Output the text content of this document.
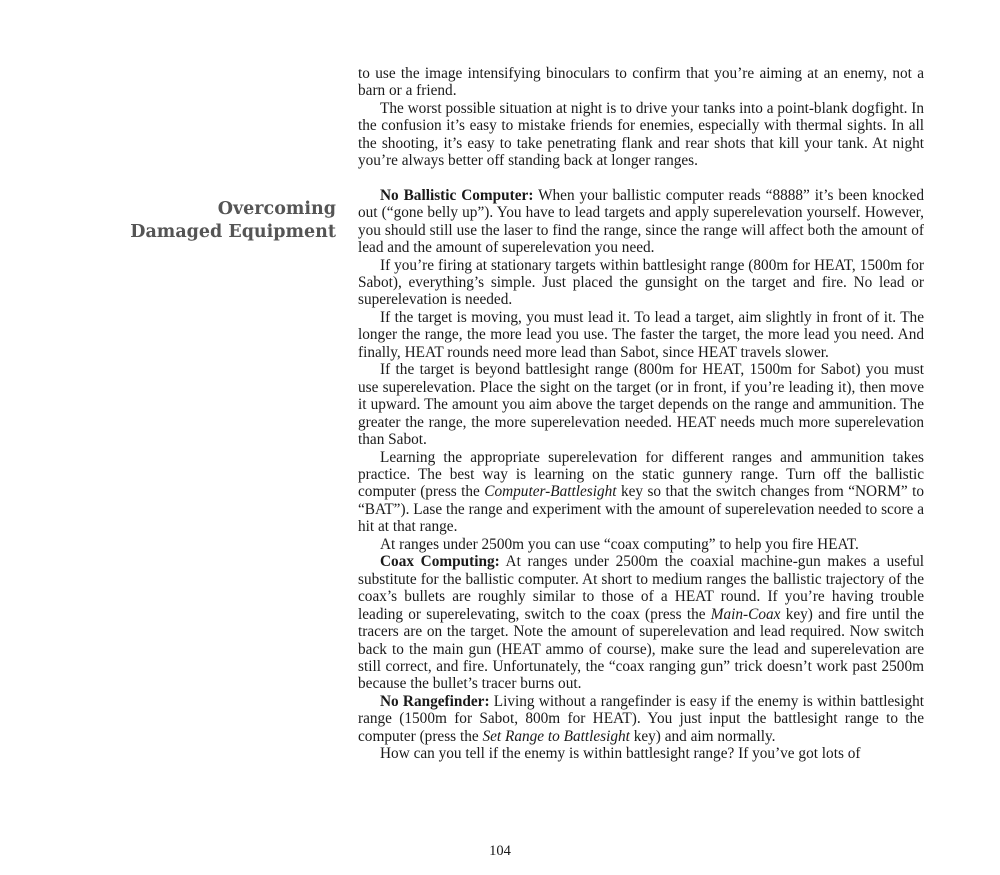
Overcoming
Damaged Equipment

to use the image intensifying binoculars to confirm that you’re aiming at an enemy, not a barn or a friend.

The worst possible situation at night is to drive your tanks into a point-blank dogfight. In the confusion it’s easy to mistake friends for enemies, especially with thermal sights. In all the shooting, it’s easy to take penetrating flank and rear shots that kill your tank. At night you’re always better off standing back at longer ranges.

No Ballistic Computer: When your ballistic computer reads “8888” it’s been knocked out (“gone belly up”). You have to lead targets and apply superelevation yourself. However, you should still use the laser to find the range, since the range will affect both the amount of lead and the amount of superelevation you need.

If you’re firing at stationary targets within battlesight range (800m for HEAT, 1500m for Sabot), everything’s simple. Just placed the gunsight on the target and fire. No lead or superelevation is needed.

If the target is moving, you must lead it. To lead a target, aim slightly in front of it. The longer the range, the more lead you use. The faster the target, the more lead you need. And finally, HEAT rounds need more lead than Sabot, since HEAT travels slower.

If the target is beyond battlesight range (800m for HEAT, 1500m for Sabot) you must use superelevation. Place the sight on the target (or in front, if you’re leading it), then move it upward. The amount you aim above the target depends on the range and ammunition. The greater the range, the more superelevation needed. HEAT needs much more superelevation than Sabot.

Learning the appropriate superelevation for different ranges and ammunition takes practice. The best way is learning on the static gunnery range. Turn off the ballistic computer (press the Computer-Battlesight key so that the switch changes from “NORM” to “BAT”). Lase the range and experiment with the amount of superelevation needed to score a hit at that range.

At ranges under 2500m you can use “coax computing” to help you fire HEAT.

Coax Computing: At ranges under 2500m the coaxial machine-gun makes a useful substitute for the ballistic computer. At short to medium ranges the ballistic trajectory of the coax’s bullets are roughly similar to those of a HEAT round. If you’re having trouble leading or superelevating, switch to the coax (press the Main-Coax key) and fire until the tracers are on the target. Note the amount of superelevation and lead required. Now switch back to the main gun (HEAT ammo of course), make sure the lead and superelevation are still correct, and fire. Unfortunately, the “coax ranging gun” trick doesn’t work past 2500m because the bullet’s tracer burns out.

No Rangefinder: Living without a rangefinder is easy if the enemy is within battlesight range (1500m for Sabot, 800m for HEAT). You just input the battlesight range to the computer (press the Set Range to Battlesight key) and aim normally.

How can you tell if the enemy is within battlesight range? If you’ve got lots of

104
